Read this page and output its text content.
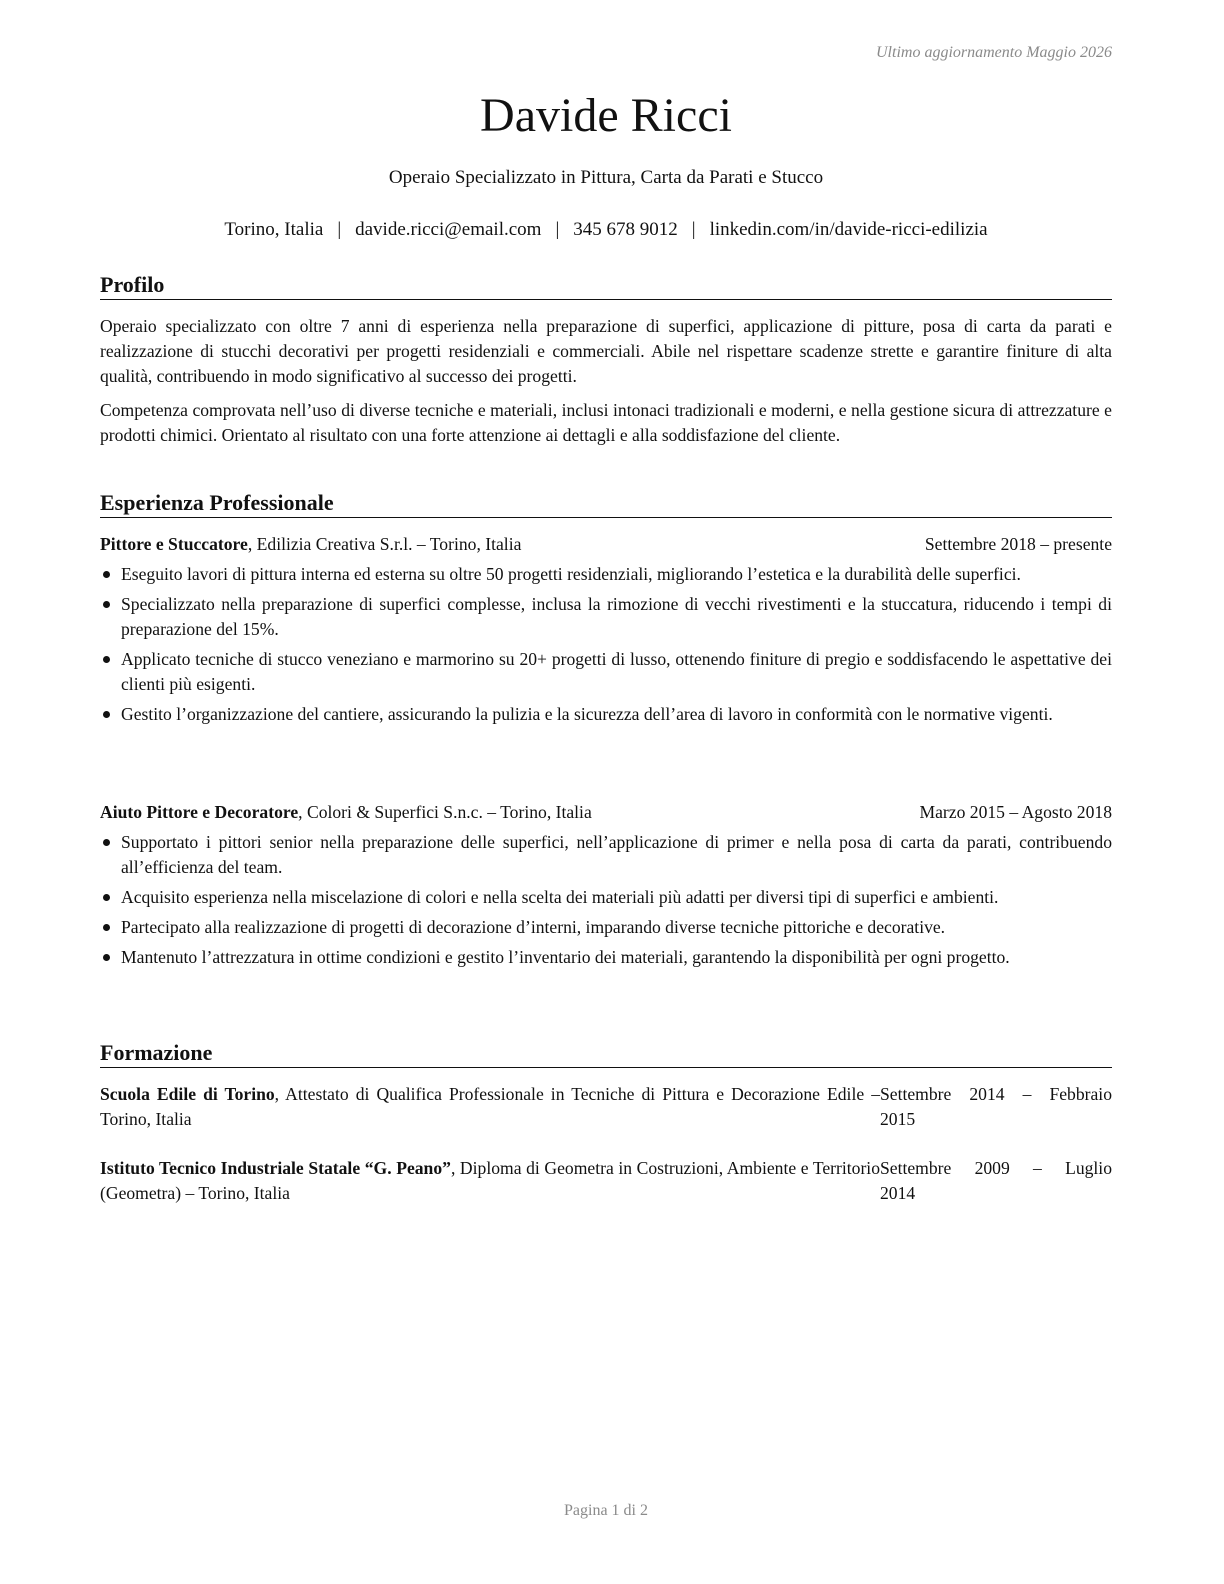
Ultimo aggiornamento Maggio 2026
Davide Ricci
Operaio Specializzato in Pittura, Carta da Parati e Stucco
Torino, Italia | davide.ricci@email.com | 345 678 9012 | linkedin.com/in/davide-ricci-edilizia
Profilo
Operaio specializzato con oltre 7 anni di esperienza nella preparazione di superfici, applicazione di pitture, posa di carta da parati e realizzazione di stucchi decorativi per progetti residenziali e commerciali. Abile nel rispettare scadenze strette e garantire finiture di alta qualità, contribuendo in modo significativo al successo dei progetti.
Competenza comprovata nell’uso di diverse tecniche e materiali, inclusi intonaci tradizionali e moderni, e nella gestione sicura di attrezzature e prodotti chimici. Orientato al risultato con una forte attenzione ai dettagli e alla soddisfazione del cliente.
Esperienza Professionale
Pittore e Stuccatore, Edilizia Creativa S.r.l. – Torino, Italia	Settembre 2018 – presente
Eseguito lavori di pittura interna ed esterna su oltre 50 progetti residenziali, migliorando l’estetica e la durabilità delle superfici.
Specializzato nella preparazione di superfici complesse, inclusa la rimozione di vecchi rivestimenti e la stuccatura, riducendo i tempi di preparazione del 15%.
Applicato tecniche di stucco veneziano e marmorino su 20+ progetti di lusso, ottenendo finiture di pregio e soddisfacendo le aspettative dei clienti più esigenti.
Gestito l’organizzazione del cantiere, assicurando la pulizia e la sicurezza dell’area di lavoro in conformità con le normative vigenti.
Aiuto Pittore e Decoratore, Colori & Superfici S.n.c. – Torino, Italia	Marzo 2015 – Agosto 2018
Supportato i pittori senior nella preparazione delle superfici, nell’applicazione di primer e nella posa di carta da parati, contribuendo all’efficienza del team.
Acquisito esperienza nella miscelazione di colori e nella scelta dei materiali più adatti per diversi tipi di superfici e ambienti.
Partecipato alla realizzazione di progetti di decorazione d’interni, imparando diverse tecniche pittoriche e decorative.
Mantenuto l’attrezzatura in ottime condizioni e gestito l’inventario dei materiali, garantendo la disponibilità per ogni progetto.
Formazione
Scuola Edile di Torino, Attestato di Qualifica Professionale in Tecniche di Pittura e Decorazione Edile – Torino, Italia
Settembre 2014 – Febbraio
2015
Istituto Tecnico Industriale Statale “G. Peano”, Diploma di Geometra in Costruzioni, Ambiente e Territorio (Geometra) – Torino, Italia
Settembre 2009 – Luglio
2014
Pagina 1 di 2
